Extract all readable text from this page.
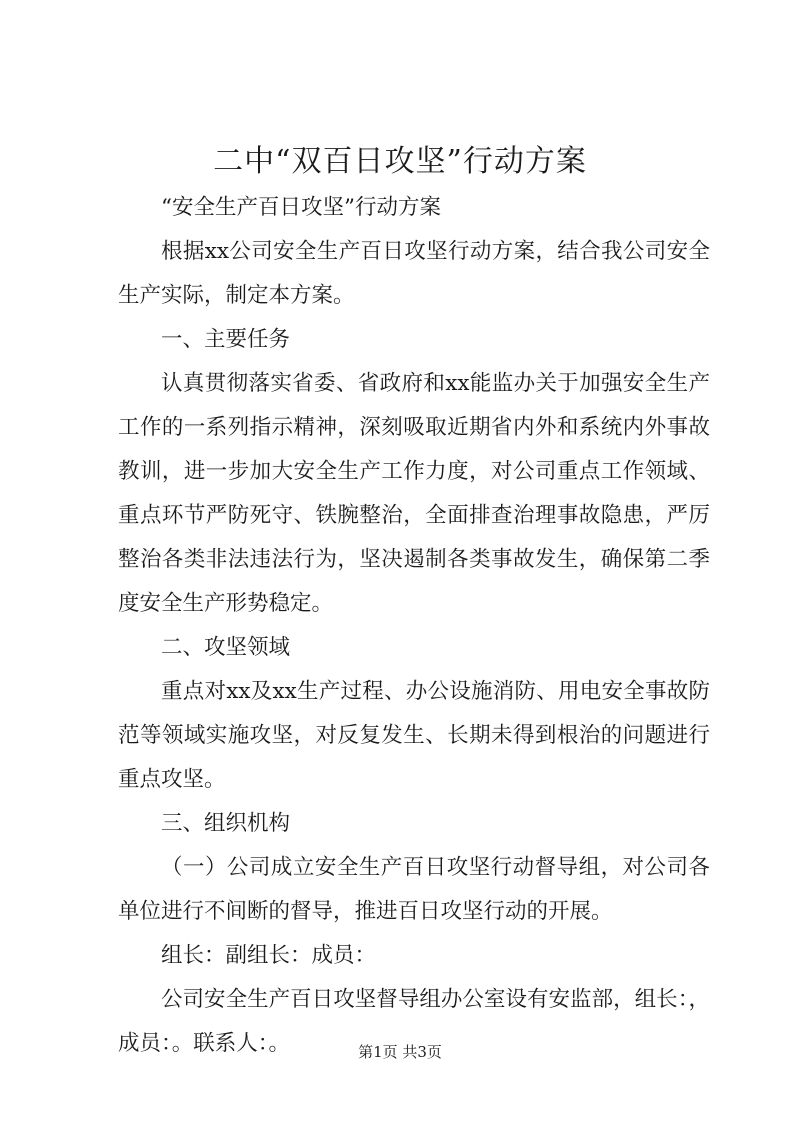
二中“双百日攻坚”行动方案

“安全生产百日攻坚”行动方案

根据xx公司安全生产百日攻坚行动方案，结合我公司安全生产实际，制定本方案。

一、主要任务

认真贯彻落实省委、省政府和xx能监办关于加强安全生产工作的一系列指示精神，深刻吸取近期省内外和系统内外事故教训，进一步加大安全生产工作力度，对公司重点工作领域、重点环节严防死守、铁腕整治，全面排查治理事故隐患，严厉整治各类非法违法行为，坚决遏制各类事故发生，确保第二季度安全生产形势稳定。

二、攻坚领域

重点对xx及xx生产过程、办公设施消防、用电安全事故防范等领域实施攻坚，对反复发生、长期未得到根治的问题进行重点攻坚。

三、组织机构

（一）公司成立安全生产百日攻坚行动督导组，对公司各单位进行不间断的督导，推进百日攻坚行动的开展。

组长：副组长：成员：

公司安全生产百日攻坚督导组办公室设有安监部，组长：，成员：。联系人：。	第1页 共3页
